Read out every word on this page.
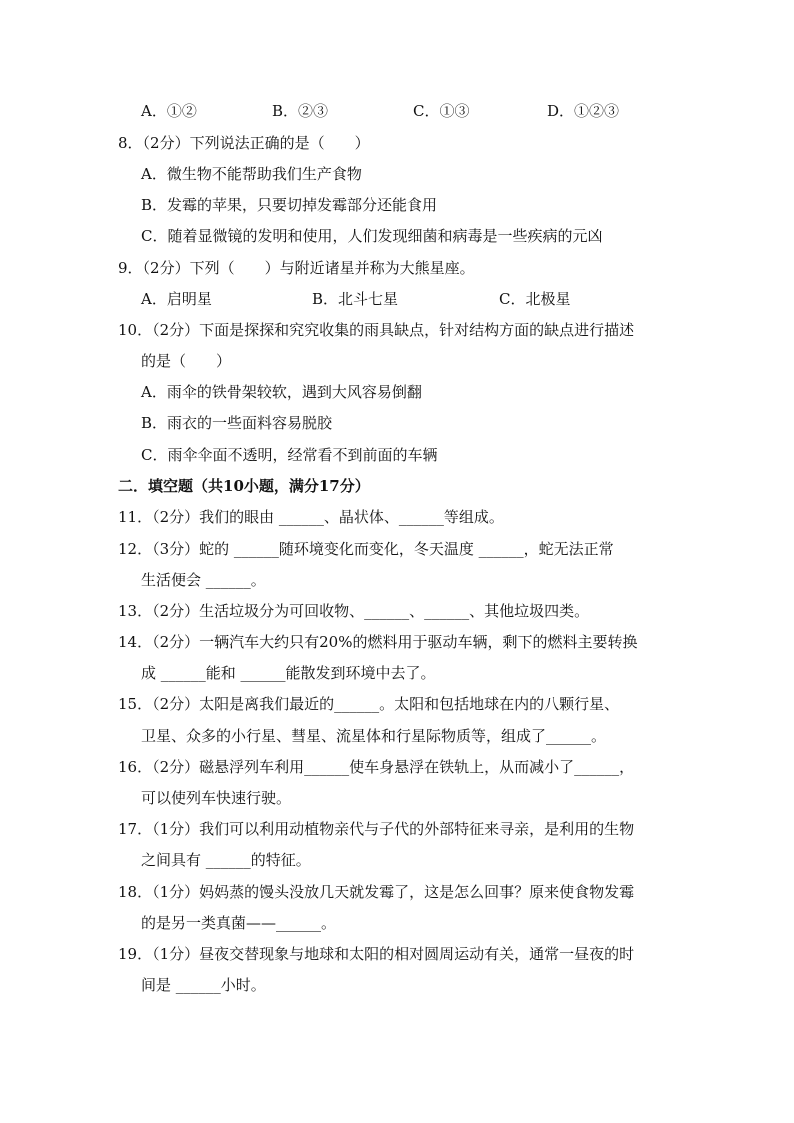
A．①②	B．②③	C．①③	D．①②③
8．（2分）下列说法正确的是（　　）
A．微生物不能帮助我们生产食物
B．发霉的苹果，只要切掉发霉部分还能食用
C．随着显微镜的发明和使用，人们发现细菌和病毒是一些疾病的元凶
9．（2分）下列（　　）与附近诸星并称为大熊星座。
A．启明星	B．北斗七星	C．北极星
10．（2分）下面是探探和究究收集的雨具缺点，针对结构方面的缺点进行描述
的是（　　）
A．雨伞的铁骨架较软，遇到大风容易倒翻
B．雨衣的一些面料容易脱胶
C．雨伞伞面不透明，经常看不到前面的车辆
二．填空题（共10小题，满分17分）
11．（2分）我们的眼由 ______、晶状体、______等组成。
12．（3分）蛇的 ______随环境变化而变化，冬天温度 ______，蛇无法正常
生活便会 ______。
13．（2分）生活垃圾分为可回收物、______、______、其他垃圾四类。
14．（2分）一辆汽车大约只有20%的燃料用于驱动车辆，剩下的燃料主要转换
成 ______能和 ______能散发到环境中去了。
15．（2分）太阳是离我们最近的______。太阳和包括地球在内的八颗行星、
卫星、众多的小行星、彗星、流星体和行星际物质等，组成了______。
16．（2分）磁悬浮列车利用______使车身悬浮在铁轨上，从而减小了______，
可以使列车快速行驶。
17．（1分）我们可以利用动植物亲代与子代的外部特征来寻亲，是利用的生物
之间具有 ______的特征。
18．（1分）妈妈蒸的馒头没放几天就发霉了，这是怎么回事？原来使食物发霉
的是另一类真菌——______。
19．（1分）昼夜交替现象与地球和太阳的相对圆周运动有关，通常一昼夜的时
间是 ______小时。
